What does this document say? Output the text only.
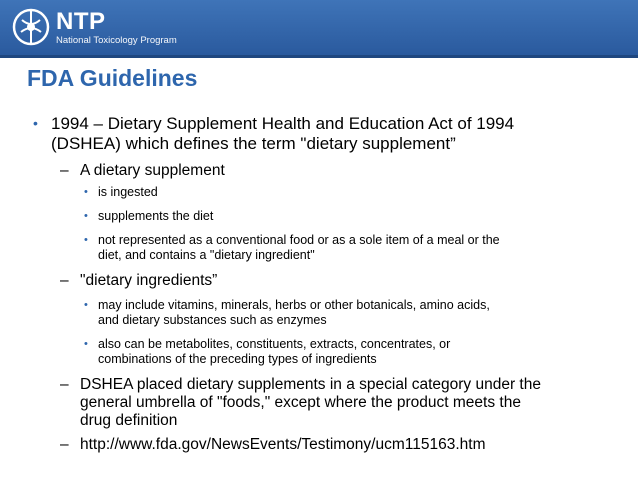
NTP
National Toxicology Program
FDA Guidelines
• 1994 – Dietary Supplement Health and Education Act of 1994
(DSHEA) which defines the term "dietary supplement”
– A dietary supplement
• is ingested
• supplements the diet
• not represented as a conventional food or as a sole item of a meal or the
diet, and contains a "dietary ingredient"
– "dietary ingredients”
• may include vitamins, minerals, herbs or other botanicals, amino acids,
and dietary substances such as enzymes
• also can be metabolites, constituents, extracts, concentrates, or
combinations of the preceding types of ingredients
– DSHEA placed dietary supplements in a special category under the
general umbrella of "foods," except where the product meets the
drug definition
– http://www.fda.gov/NewsEvents/Testimony/ucm115163.htm
